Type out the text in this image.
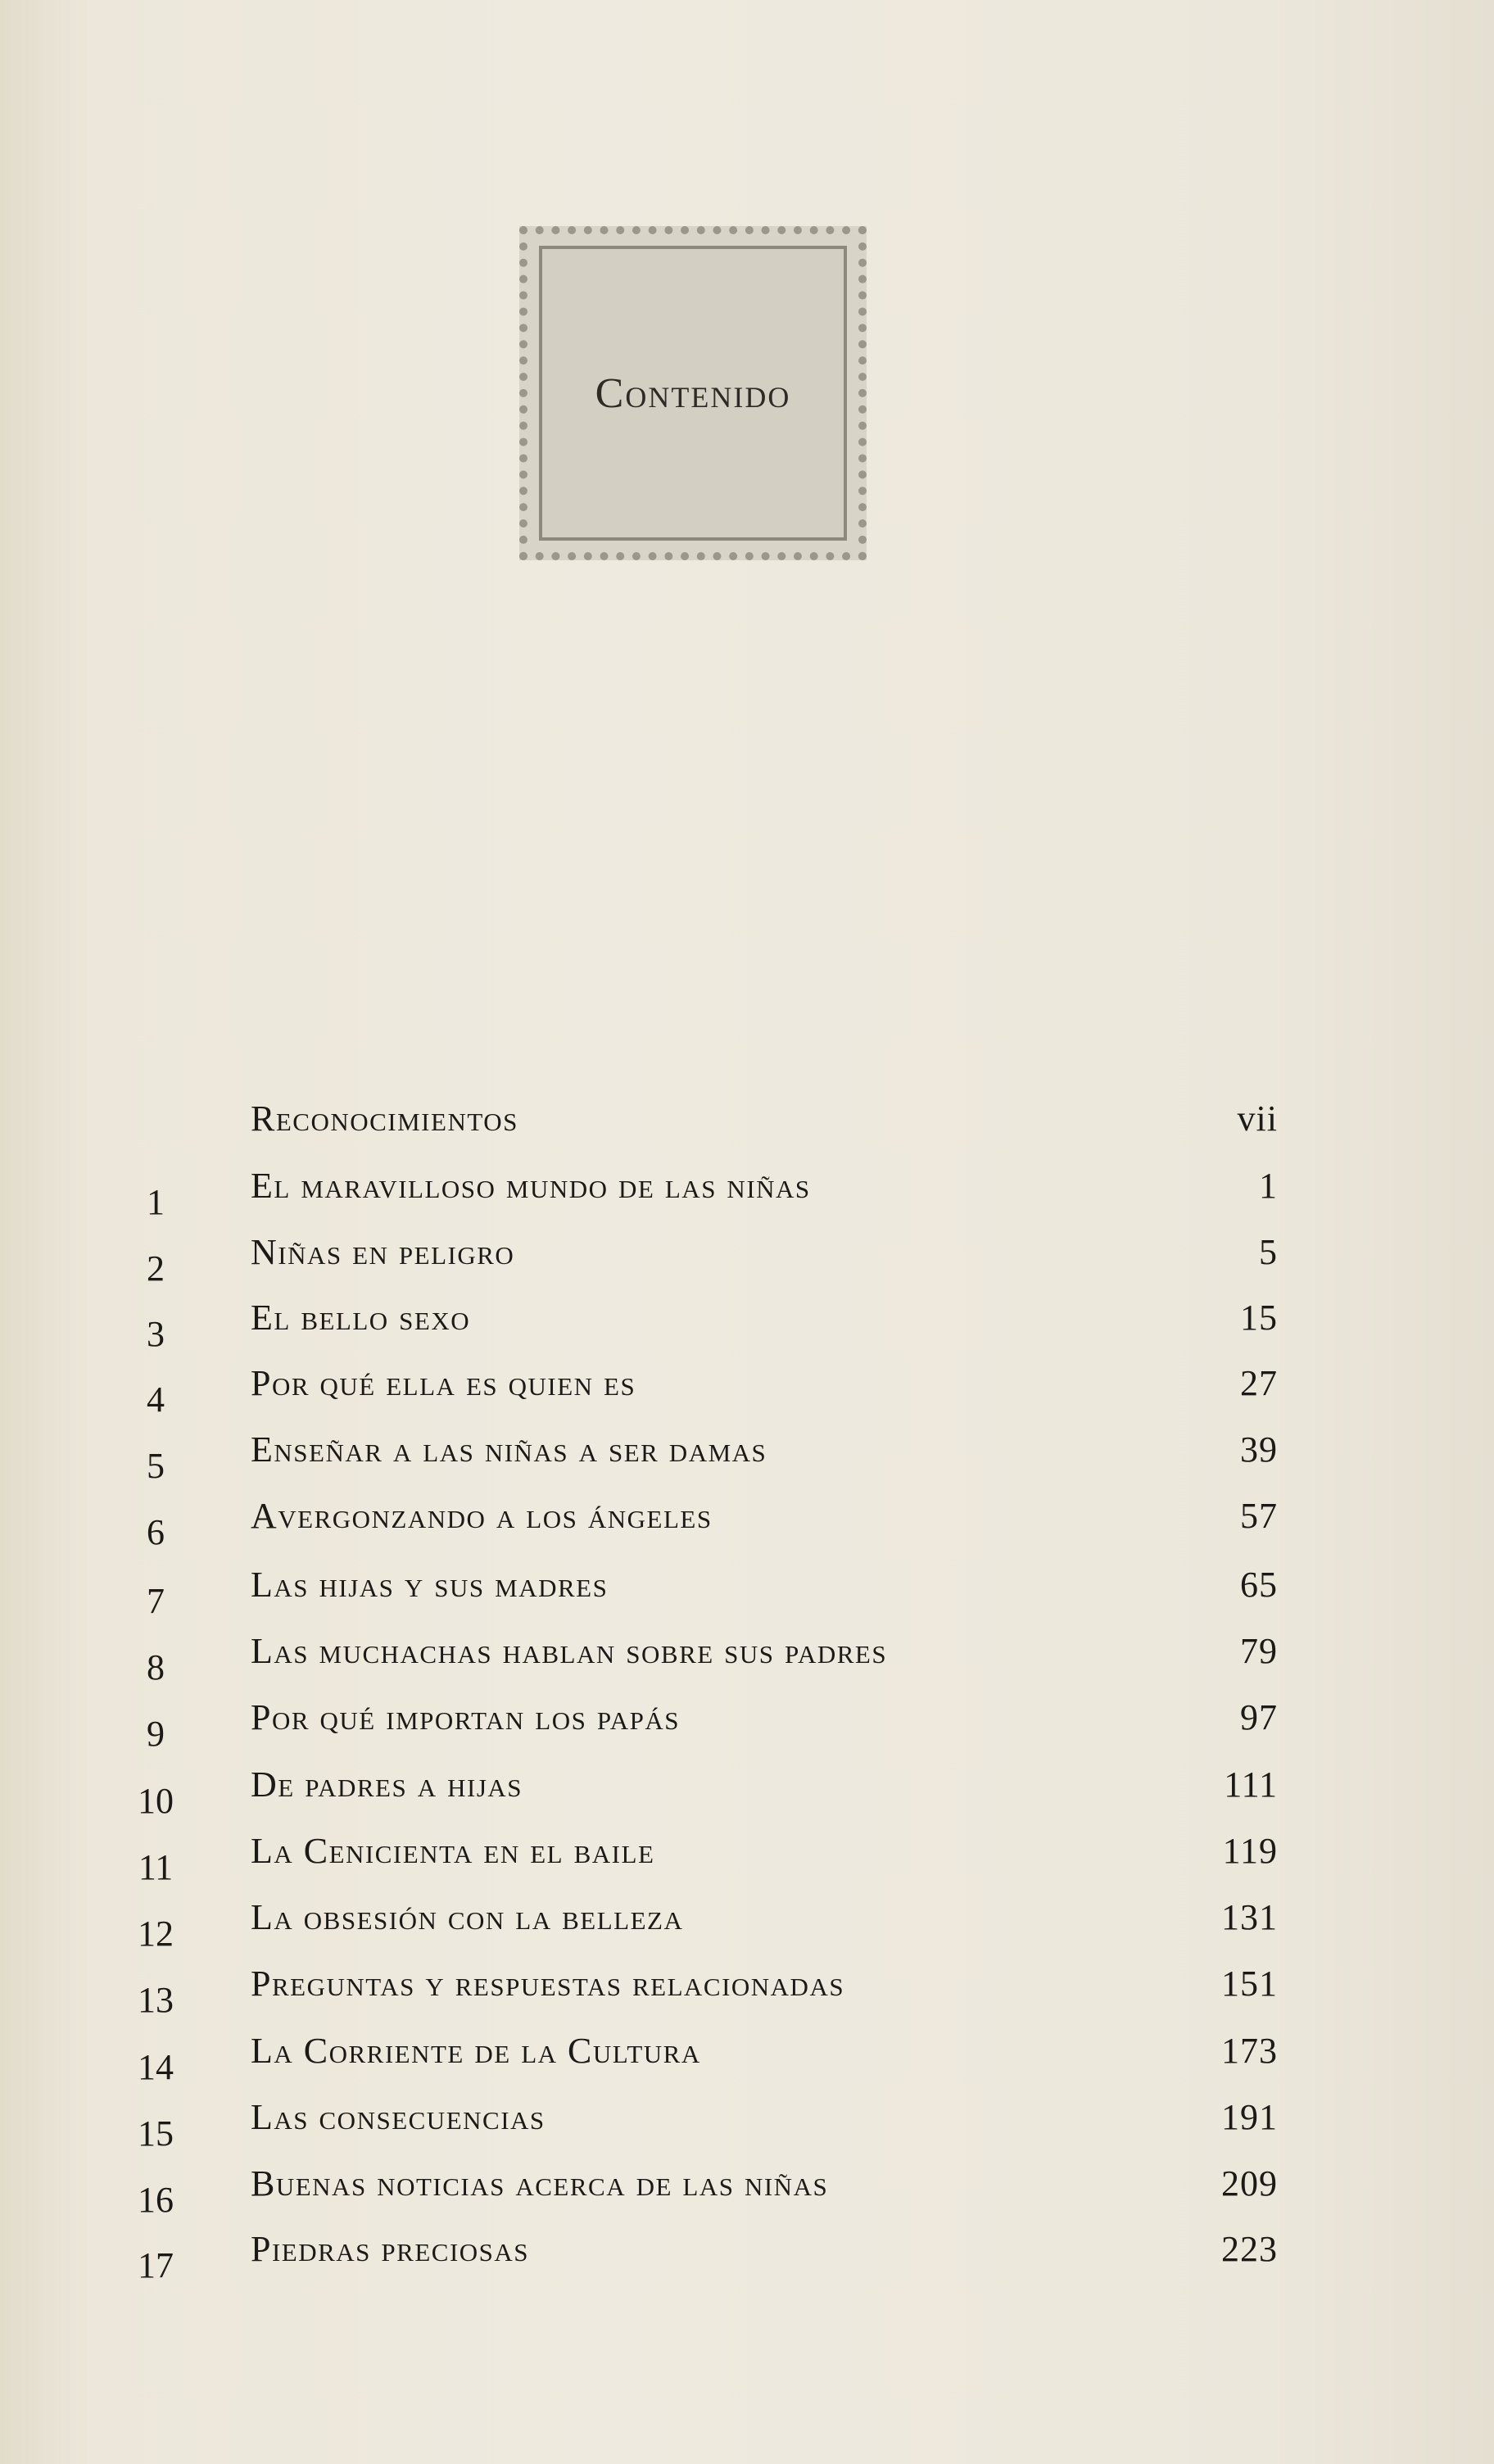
Contenido
Reconocimientos	vii
1	El maravilloso mundo de las niñas	1
2	Niñas en peligro	5
3	El bello sexo	15
4	Por qué ella es quien es	27
5	Enseñar a las niñas a ser damas	39
6	Avergonzando a los ángeles	57
7	Las hijas y sus madres	65
8	Las muchachas hablan sobre sus padres	79
9	Por qué importan los papás	97
10	De padres a hijas	111
11	La Cenicienta en el baile	119
12	La obsesión con la belleza	131
13	Preguntas y respuestas relacionadas	151
14	La Corriente de la Cultura	173
15	Las consecuencias	191
16	Buenas noticias acerca de las niñas	209
17	Piedras preciosas	223
